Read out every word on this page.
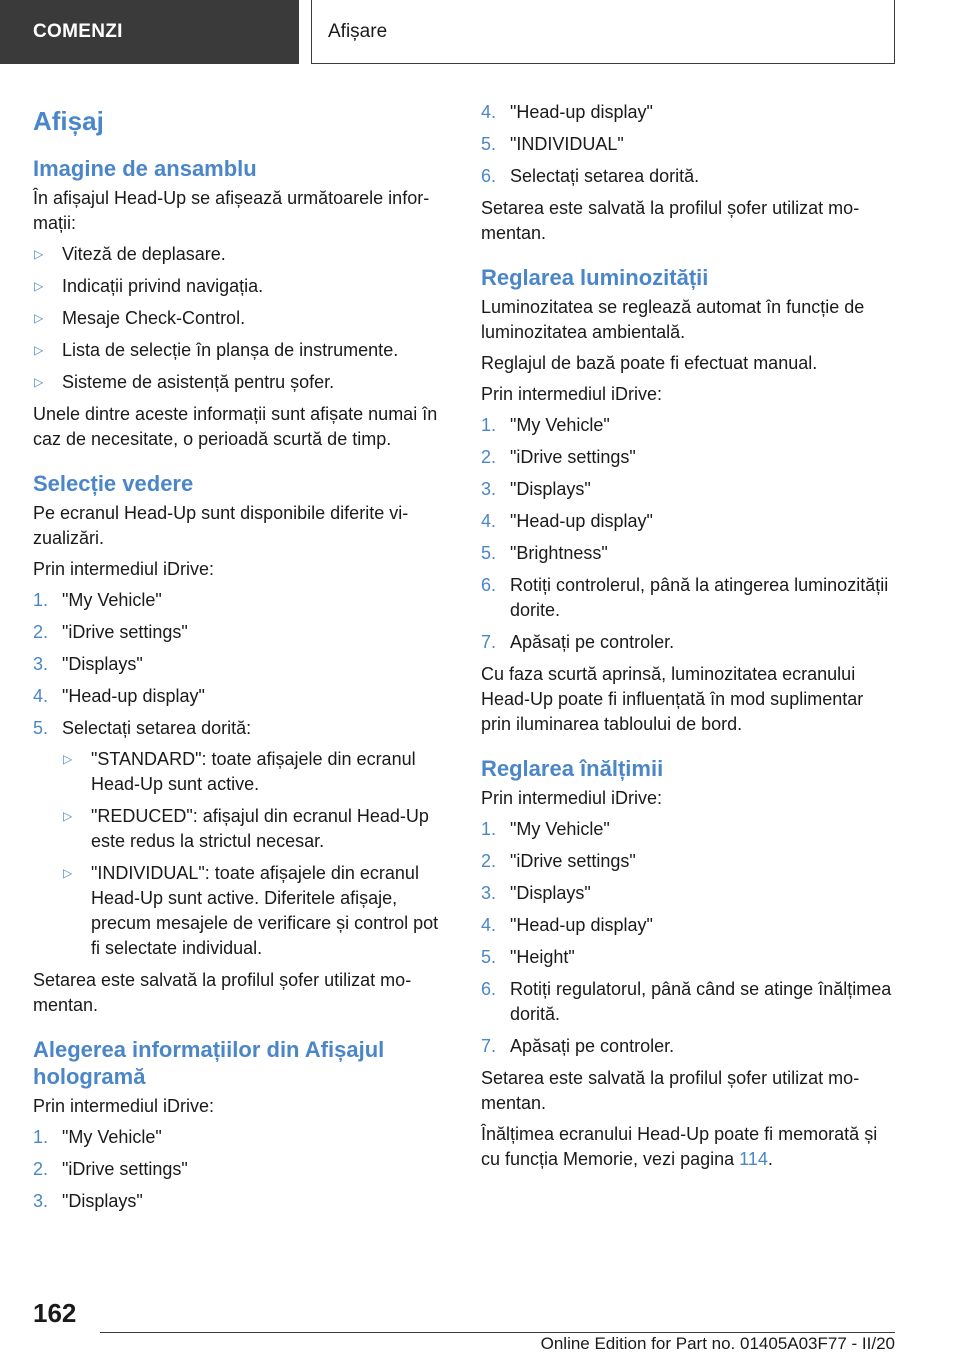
COMENZI	Afișare
Afișaj
Imagine de ansamblu

În afișajul Head-Up se afișează următoarele informații:

▷ Viteză de deplasare.
▷ Indicații privind navigația.
▷ Mesaje Check-Control.
▷ Lista de selecție în planșa de instrumente.
▷ Sisteme de asistență pentru șofer.

Unele dintre aceste informații sunt afișate numai în caz de necesitate, o perioadă scurtă de timp.

Selecție vedere

Pe ecranul Head-Up sunt disponibile diferite vizualizări.

Prin intermediul iDrive:

1. "My Vehicle"
2. "iDrive settings"
3. "Displays"
4. "Head-up display"
5. Selectați setarea dorită:
▷ "STANDARD": toate afișajele din ecranul Head-Up sunt active.
▷ "REDUCED": afișajul din ecranul Head-Up este redus la strictul necesar.
▷ "INDIVIDUAL": toate afișajele din ecranul Head-Up sunt active. Diferitele afișaje, precum mesajele de verificare și control pot fi selectate individual.

Setarea este salvată la profilul șofer utilizat momentan.

Alegerea informațiilor din Afișajul hologramă

Prin intermediul iDrive:

1. "My Vehicle"
2. "iDrive settings"
3. "Displays"
4. "Head-up display"
5. "INDIVIDUAL"
6. Selectați setarea dorită.

Setarea este salvată la profilul șofer utilizat momentan.

Reglarea luminozității

Luminozitatea se reglează automat în funcție de luminozitatea ambientală.

Reglajul de bază poate fi efectuat manual.

Prin intermediul iDrive:

1. "My Vehicle"
2. "iDrive settings"
3. "Displays"
4. "Head-up display"
5. "Brightness"
6. Rotiți controlerul, până la atingerea luminozității dorite.
7. Apăsați pe controler.

Cu faza scurtă aprinsă, luminozitatea ecranului Head-Up poate fi influențată în mod suplimentar prin iluminarea tabloului de bord.

Reglarea înălțimii

Prin intermediul iDrive:

1. "My Vehicle"
2. "iDrive settings"
3. "Displays"
4. "Head-up display"
5. "Height"
6. Rotiți regulatorul, până când se atinge înălțimea dorită.
7. Apăsați pe controler.

Setarea este salvată la profilul șofer utilizat momentan.

Înălțimea ecranului Head-Up poate fi memorată și cu funcția Memorie, vezi pagina 114.

162
Online Edition for Part no. 01405A03F77 - II/20
